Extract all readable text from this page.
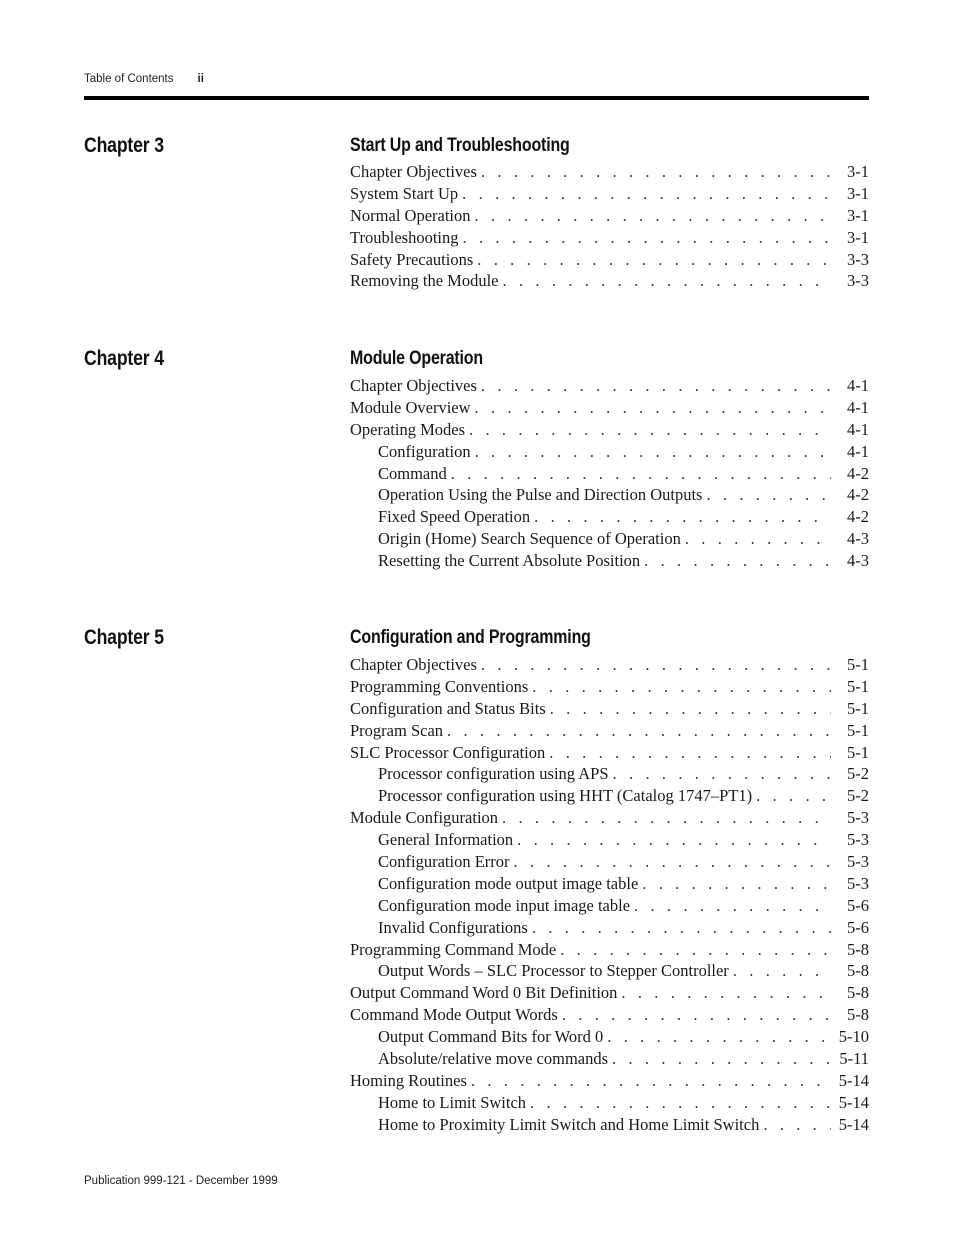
Table of Contents ii
Chapter 3	Start Up and Troubleshooting
Chapter Objectives . . .	3-1
System Start Up . . .	3-1
Normal Operation . . .	3-1
Troubleshooting . . .	3-1
Safety Precautions . . .	3-3
Removing the Module . . .	3-3
Chapter 4	Module Operation
Chapter Objectives . . .	4-1
Module Overview . . .	4-1
Operating Modes . . .	4-1
Configuration . . .	4-1
Command . . .	4-2
Operation Using the Pulse and Direction Outputs . . .	4-2
Fixed Speed Operation . . .	4-2
Origin (Home) Search Sequence of Operation . . .	4-3
Resetting the Current Absolute Position . . .	4-3
Chapter 5	Configuration and Programming
Chapter Objectives . . .	5-1
Programming Conventions . . .	5-1
Configuration and Status Bits . . .	5-1
Program Scan . . .	5-1
SLC Processor Configuration . . .	5-1
Processor configuration using APS . . .	5-2
Processor configuration using HHT (Catalog 1747–PT1) . . .	5-2
Module Configuration . . .	5-3
General Information . . .	5-3
Configuration Error . . .	5-3
Configuration mode output image table . . .	5-3
Configuration mode input image table . . .	5-6
Invalid Configurations . . .	5-6
Programming Command Mode . . .	5-8
Output Words – SLC Processor to Stepper Controller . . .	5-8
Output Command Word 0 Bit Definition . . .	5-8
Command Mode Output Words . . .	5-8
Output Command Bits for Word 0 . . .	5-10
Absolute/relative move commands . . .	5-11
Homing Routines . . .	5-14
Home to Limit Switch . . .	5-14
Home to Proximity Limit Switch and Home Limit Switch . . .	5-14
Publication 999-121 - December 1999
